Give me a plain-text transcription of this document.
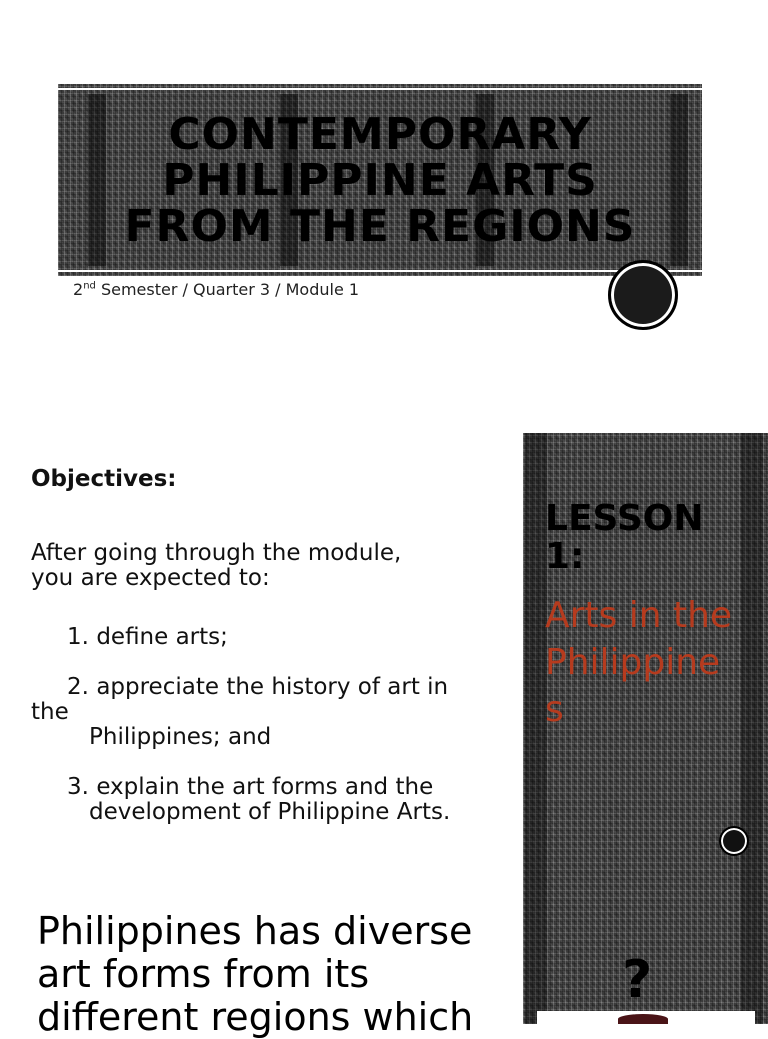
CONTEMPORARY
PHILIPPINE ARTS
FROM THE REGIONS
2nd Semester / Quarter 3 / Module 1

Objectives:

After going through the module,
you are expected to:

1. define arts;
2. appreciate the history of art in
the
Philippines; and
3. explain the art forms and the
development of Philippine Arts.
LESSON
1:
Arts in the
Philippine
s

Philippines has diverse
art forms from its
different regions which

?
